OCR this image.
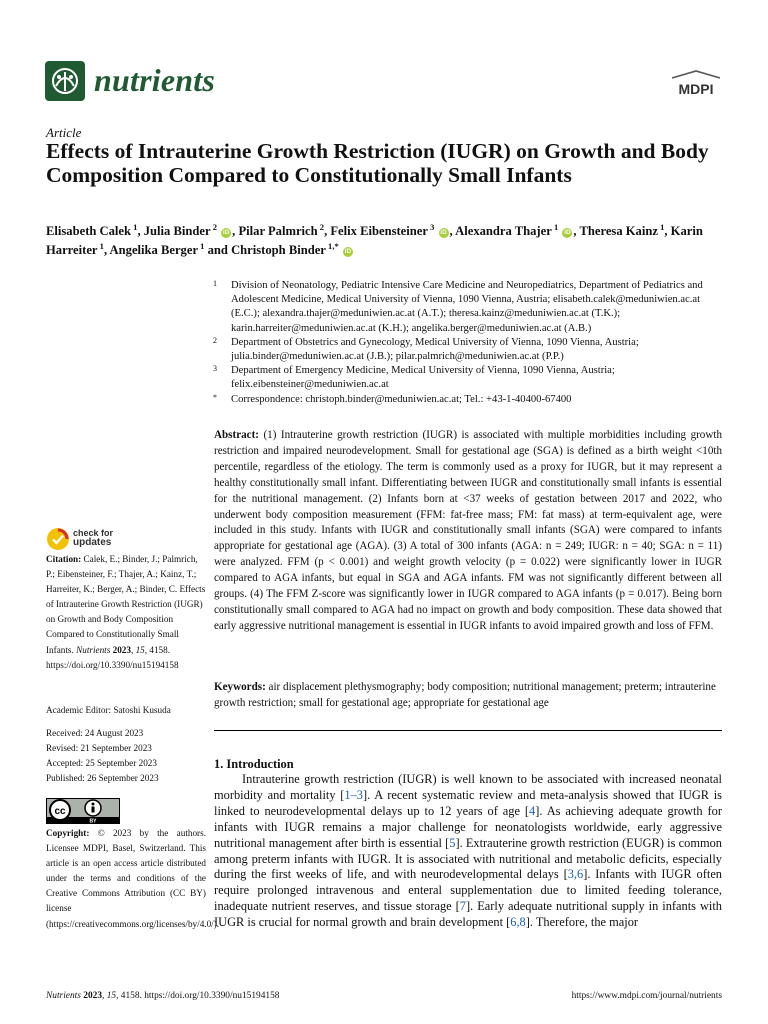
nutrients	MDPI
Article
Effects of Intrauterine Growth Restriction (IUGR) on Growth and Body Composition Compared to Constitutionally Small Infants
Elisabeth Calek $^1$, Julia Binder $^2$ iD , Pilar Palmrich $^2$, Felix Eibensteiner $^3$ iD , Alexandra Thajer $^1$ iD , Theresa Kainz $^1$, Karin Harreiter $^1$, Angelika Berger $^1$ and Christoph Binder $^{1,*}$ iD
1 Division of Neonatology, Pediatric Intensive Care Medicine and Neuropediatrics, Department of Pediatrics and Adolescent Medicine, Medical University of Vienna, 1090 Vienna, Austria; elisabeth.calek@meduniwien.ac.at (E.C.); alexandra.thajer@meduniwien.ac.at (A.T.); theresa.kainz@meduniwien.ac.at (T.K.); karin.harreiter@meduniwien.ac.at (K.H.); angelika.berger@meduniwien.ac.at (A.B.)
2 Department of Obstetrics and Gynecology, Medical University of Vienna, 1090 Vienna, Austria; julia.binder@meduniwien.ac.at (J.B.); pilar.palmrich@meduniwien.ac.at (P.P.)
3 Department of Emergency Medicine, Medical University of Vienna, 1090 Vienna, Austria; felix.eibensteiner@meduniwien.ac.at
* Correspondence: christoph.binder@meduniwien.ac.at; Tel.: +43-1-40400-67400
Abstract: (1) Intrauterine growth restriction (IUGR) is associated with multiple morbidities including growth restriction and impaired neurodevelopment. Small for gestational age (SGA) is defined as a birth weight <10th percentile, regardless of the etiology. The term is commonly used as a proxy for IUGR, but it may represent a healthy constitutionally small infant. Differentiating between IUGR and constitutionally small infants is essential for the nutritional management. (2) Infants born at <37 weeks of gestation between 2017 and 2022, who underwent body composition measurement (FFM: fat-free mass; FM: fat mass) at term-equivalent age, were included in this study. Infants with IUGR and constitutionally small infants (SGA) were compared to infants appropriate for gestational age (AGA). (3) A total of 300 infants (AGA: n = 249; IUGR: n = 40; SGA: n = 11) were analyzed. FFM (p < 0.001) and weight growth velocity (p = 0.022) were significantly lower in IUGR compared to AGA infants, but equal in SGA and AGA infants. FM was not significantly different between all groups. (4) The FFM Z-score was significantly lower in IUGR compared to AGA infants (p = 0.017). Being born constitutionally small compared to AGA had no impact on growth and body composition. These data showed that early aggressive nutritional management is essential in IUGR infants to avoid impaired growth and loss of FFM.
Keywords: air displacement plethysmography; body composition; nutritional management; preterm; intrauterine growth restriction; small for gestational age; appropriate for gestational age
1. Introduction
Intrauterine growth restriction (IUGR) is well known to be associated with increased neonatal morbidity and mortality [1–3]. A recent systematic review and meta-analysis showed that IUGR is linked to neurodevelopmental delays up to 12 years of age [4]. As achieving adequate growth for infants with IUGR remains a major challenge for neonatologists worldwide, early aggressive nutritional management after birth is essential [5]. Extrauterine growth restriction (EUGR) is common among preterm infants with IUGR. It is associated with nutritional and metabolic deficits, especially during the first weeks of life, and with neurodevelopmental delays [3,6]. Infants with IUGR often require prolonged intravenous and enteral supplementation due to limited feeding tolerance, inadequate nutrient reserves, and tissue storage [7]. Early adequate nutritional supply in infants with IUGR is crucial for normal growth and brain development [6,8]. Therefore, the major
check for
updates
Citation: Calek, E.; Binder, J.; Palmrich, P.; Eibensteiner, F.; Thajer, A.; Kainz, T.; Harreiter, K.; Berger, A.; Binder, C. Effects of Intrauterine Growth Restriction (IUGR) on Growth and Body Composition Compared to Constitutionally Small Infants. Nutrients 2023, 15, 4158. https://doi.org/10.3390/nu15194158
Academic Editor: Satoshi Kusuda
Received: 24 August 2023
Revised: 21 September 2023
Accepted: 25 September 2023
Published: 26 September 2023
cc
BY
Copyright: © 2023 by the authors. Licensee MDPI, Basel, Switzerland. This article is an open access article distributed under the terms and conditions of the Creative Commons Attribution (CC BY) license (https://creativecommons.org/licenses/by/4.0/).
Nutrients 2023, 15, 4158. https://doi.org/10.3390/nu15194158	https://www.mdpi.com/journal/nutrients
